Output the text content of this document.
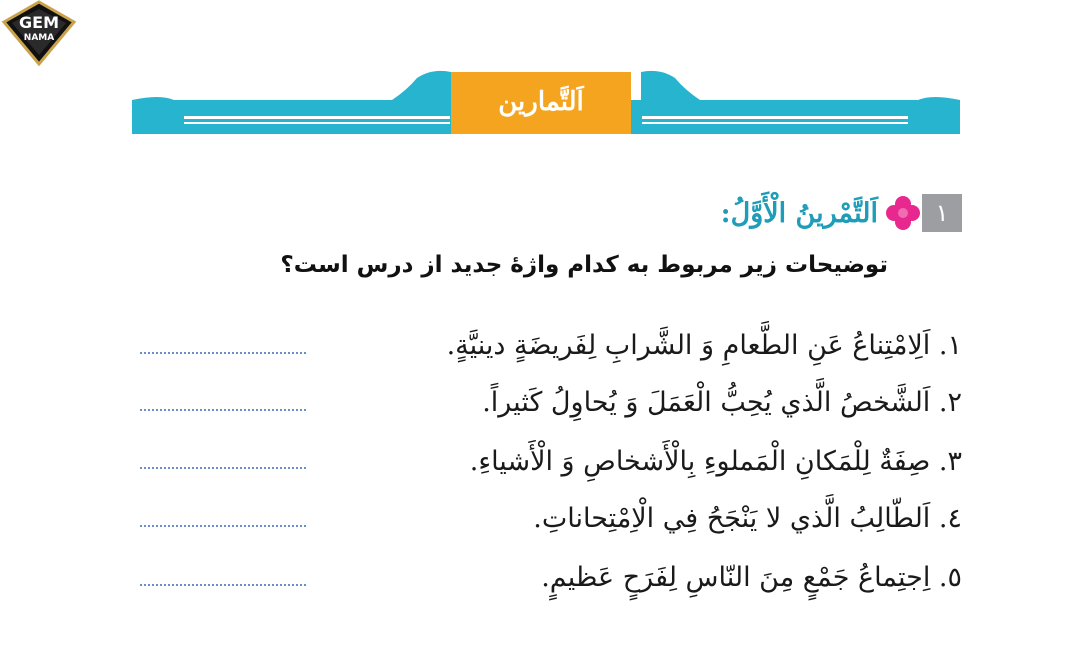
GEM
NAMA
اَلتَّمارين
١
اَلتَّمْرينُ الْأَوَّلُ:
توضیحات زیر مربوط به کدام واژهٔ جدید از درس است؟
١. اَلِامْتِناعُ عَنِ الطَّعامِ وَ الشَّرابِ لِفَريضَةٍ دينيَّةٍ.
٢. اَلشَّخصُ الَّذي يُحِبُّ الْعَمَلَ وَ يُحاوِلُ كَثيراً.
٣. صِفَةٌ لِلْمَكانِ الْمَملوءِ بِالْأَشخاصِ وَ الْأَشياءِ.
٤. اَلطّالِبُ الَّذي لا يَنْجَحُ فِي الْاِمْتِحاناتِ.
٥. اِجتِماعُ جَمْعٍ مِنَ النّاسِ لِفَرَحٍ عَظيمٍ.
